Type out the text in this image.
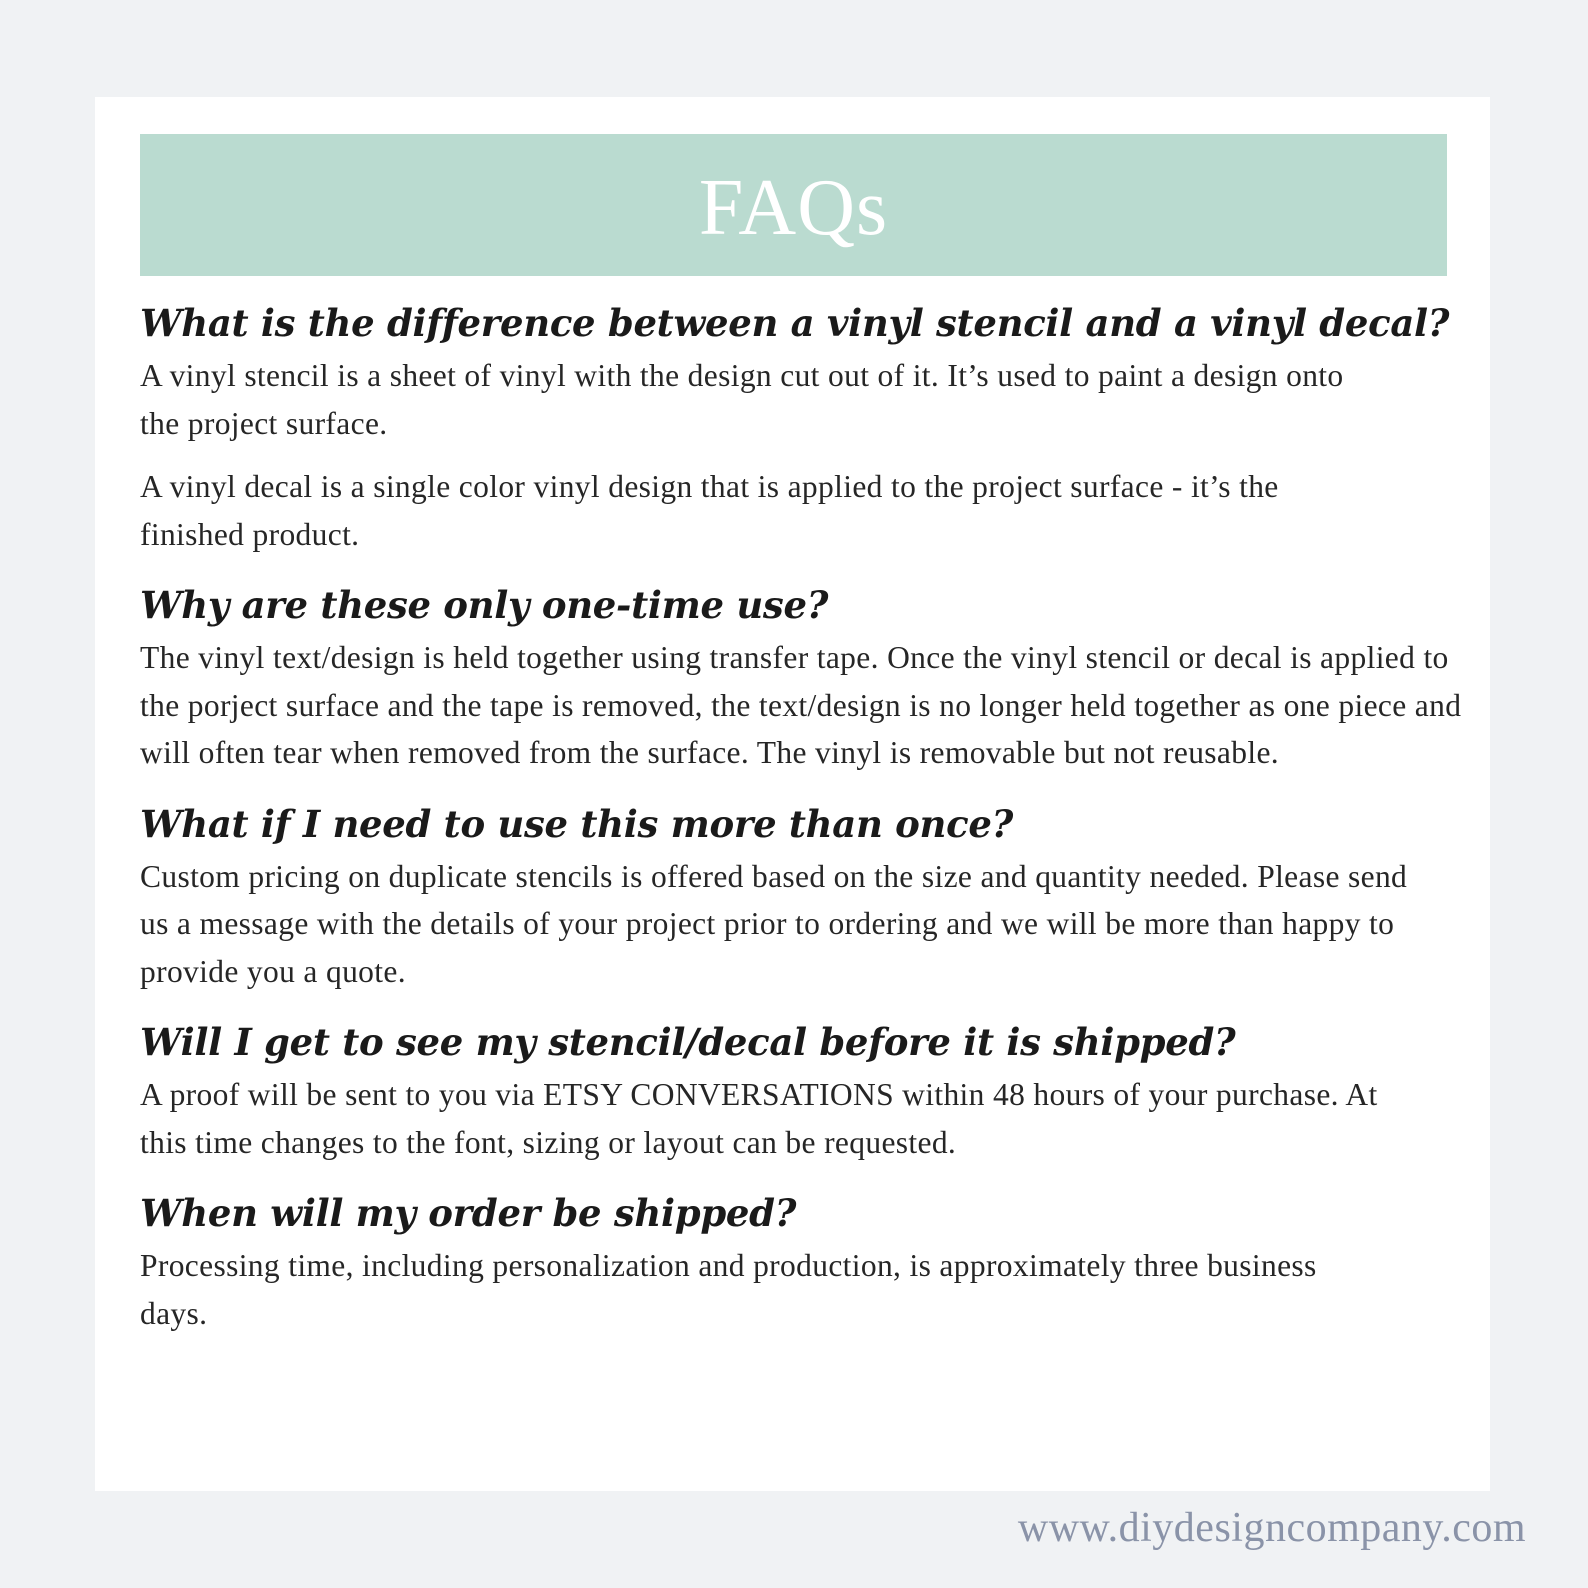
FAQs
What is the difference between a vinyl stencil and a vinyl decal?

A vinyl stencil is a sheet of vinyl with the design cut out of it. It’s used to paint a design onto the project surface.

A vinyl decal is a single color vinyl design that is applied to the project surface - it’s the finished product.

Why are these only one-time use?

The vinyl text/design is held together using transfer tape. Once the vinyl stencil or decal is applied to the porject surface and the tape is removed, the text/design is no longer held together as one piece and will often tear when removed from the surface. The vinyl is removable but not reusable.

What if I need to use this more than once?

Custom pricing on duplicate stencils is offered based on the size and quantity needed. Please send us a message with the details of your project prior to ordering and we will be more than happy to provide you a quote.

Will I get to see my stencil/decal before it is shipped?

A proof will be sent to you via ETSY CONVERSATIONS within 48 hours of your purchase. At this time changes to the font, sizing or layout can be requested.

When will my order be shipped?

Processing time, including personalization and production, is approximately three business days.

www.diydesigncompany.com
